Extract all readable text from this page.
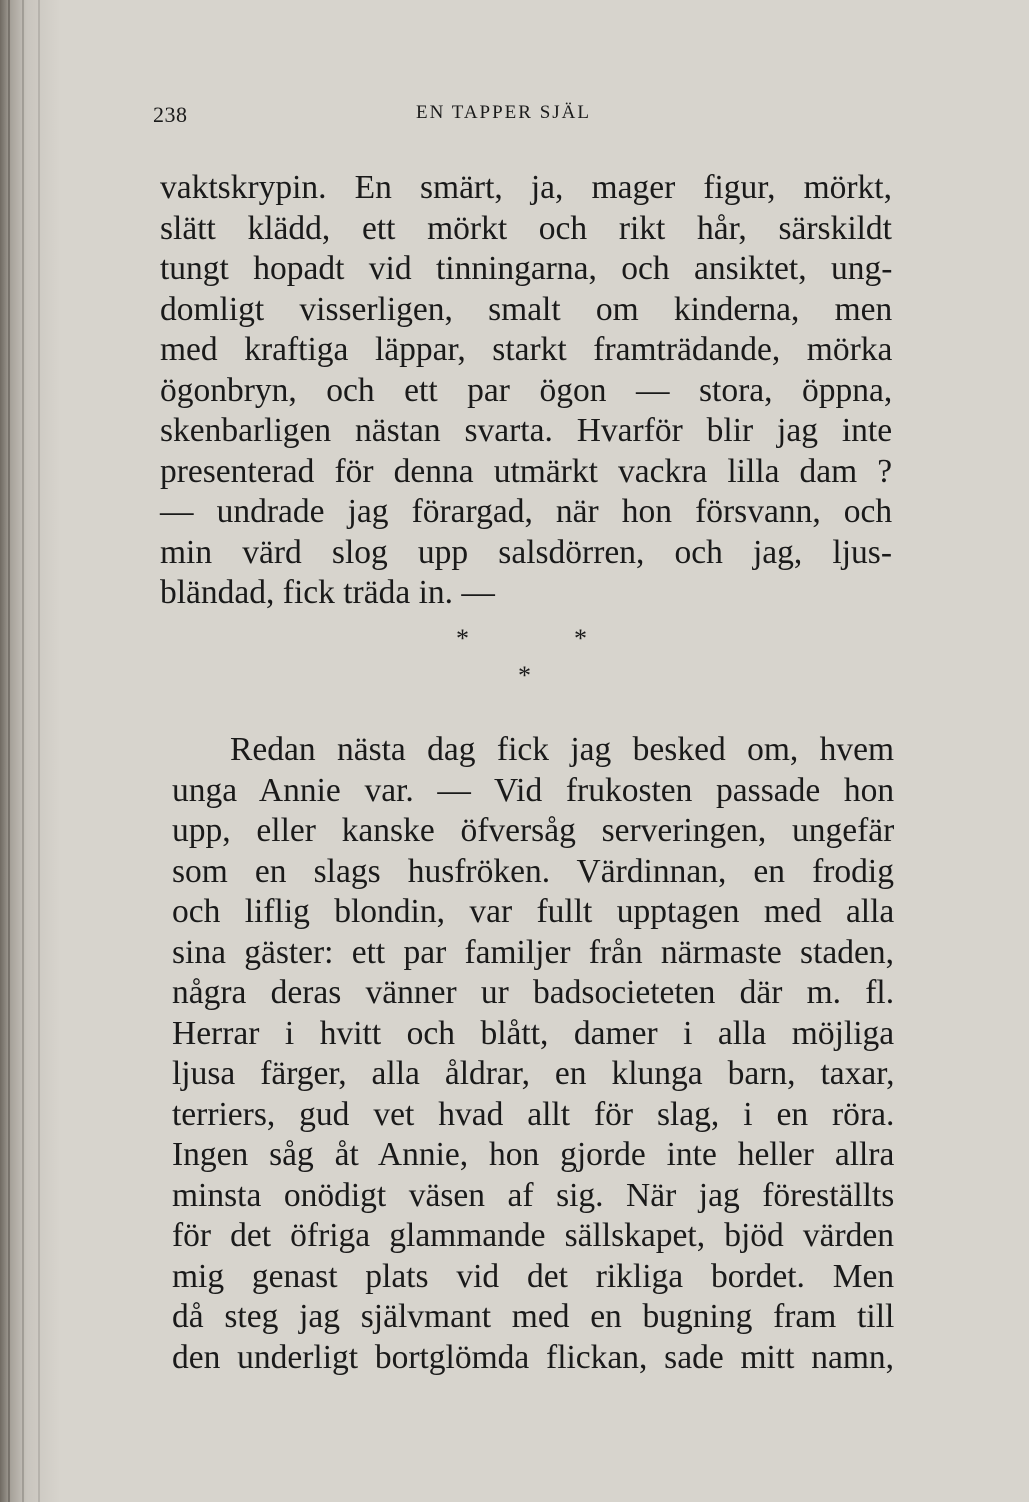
238	EN TAPPER SJÄL
vaktskrypin. En smärt, ja, mager figur, mörkt,
slätt klädd, ett mörkt och rikt hår, särskildt
tungt hopadt vid tinningarna, och ansiktet, ung-
domligt visserligen, smalt om kinderna, men
med kraftiga läppar, starkt framträdande, mörka
ögonbryn, och ett par ögon — stora, öppna,
skenbarligen nästan svarta. Hvarför blir jag inte
presenterad för denna utmärkt vackra lilla dam ?
— undrade jag förargad, när hon försvann, och
min värd slog upp salsdörren, och jag, ljus-
bländad, fick träda in. —
*	*
*
Redan nästa dag fick jag besked om, hvem
unga Annie var. — Vid frukosten passade hon
upp, eller kanske öfversåg serveringen, ungefär
som en slags husfröken. Värdinnan, en frodig
och liflig blondin, var fullt upptagen med alla
sina gäster: ett par familjer från närmaste staden,
några deras vänner ur badsocieteten där m. fl.
Herrar i hvitt och blått, damer i alla möjliga
ljusa färger, alla åldrar, en klunga barn, taxar,
terriers, gud vet hvad allt för slag, i en röra.
Ingen såg åt Annie, hon gjorde inte heller allra
minsta onödigt väsen af sig. När jag föreställts
för det öfriga glammande sällskapet, bjöd värden
mig genast plats vid det rikliga bordet. Men
då steg jag självmant med en bugning fram till
den underligt bortglömda flickan, sade mitt namn,
